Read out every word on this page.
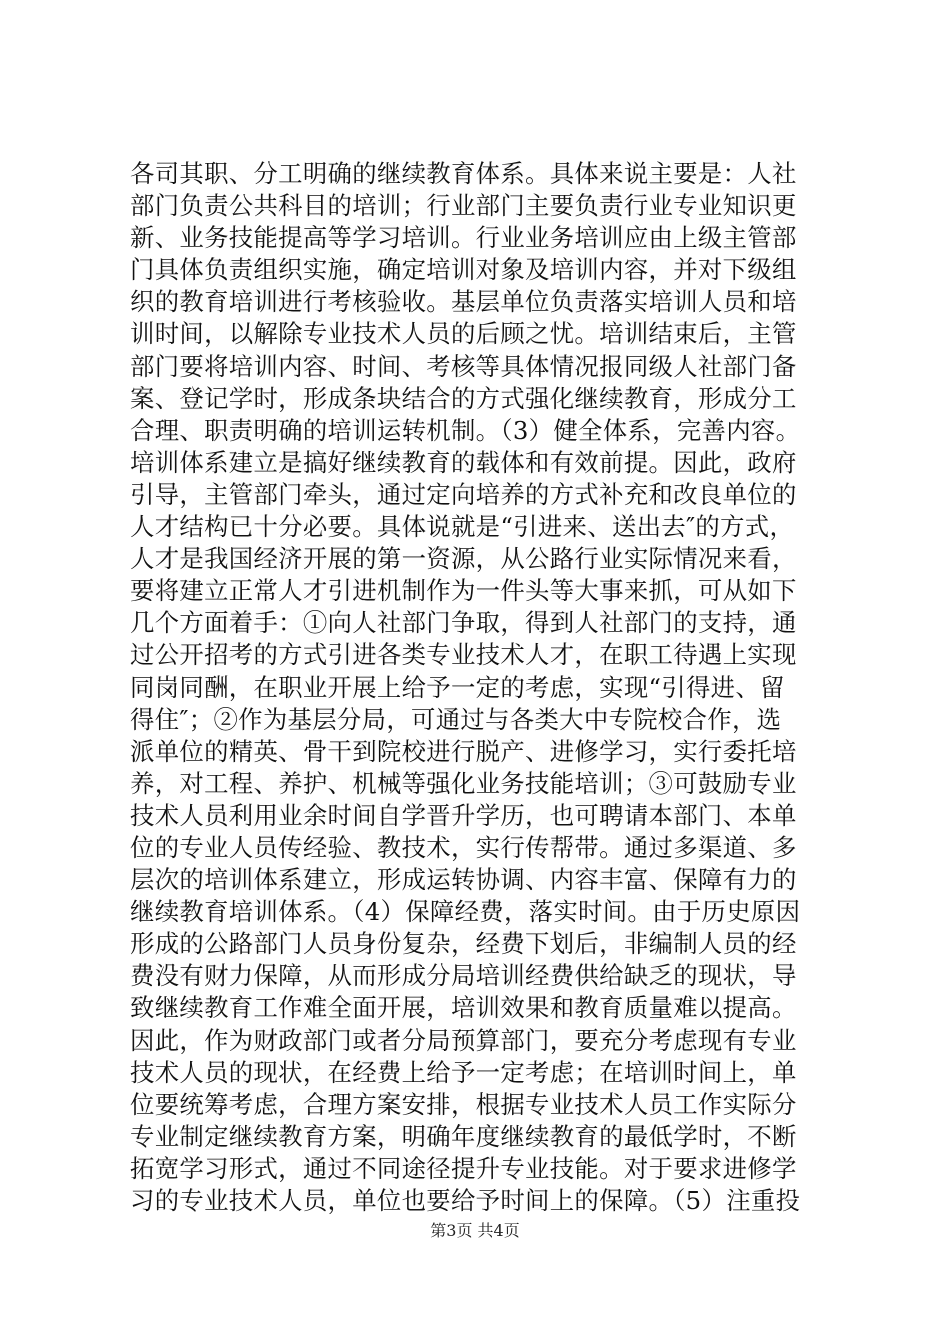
各司其职、分工明确的继续教育体系。具体来说主要是：人社
部门负责公共科目的培训；行业部门主要负责行业专业知识更
新、业务技能提高等学习培训。行业业务培训应由上级主管部
门具体负责组织实施，确定培训对象及培训内容，并对下级组
织的教育培训进行考核验收。基层单位负责落实培训人员和培
训时间，以解除专业技术人员的后顾之忧。培训结束后，主管
部门要将培训内容、时间、考核等具体情况报同级人社部门备
案、登记学时，形成条块结合的方式强化继续教育，形成分工
合理、职责明确的培训运转机制。（3）健全体系，完善内容。
培训体系建立是搞好继续教育的载体和有效前提。因此，政府
引导，主管部门牵头，通过定向培养的方式补充和改良单位的
人才结构已十分必要。具体说就是“引进来、送出去″的方式，
人才是我国经济开展的第一资源，从公路行业实际情况来看，
要将建立正常人才引进机制作为一件头等大事来抓，可从如下
几个方面着手：①向人社部门争取，得到人社部门的支持，通
过公开招考的方式引进各类专业技术人才，在职工待遇上实现
同岗同酬，在职业开展上给予一定的考虑，实现“引得进、留
得住″；②作为基层分局，可通过与各类大中专院校合作，选
派单位的精英、骨干到院校进行脱产、进修学习，实行委托培
养，对工程、养护、机械等强化业务技能培训；③可鼓励专业
技术人员利用业余时间自学晋升学历，也可聘请本部门、本单
位的专业人员传经验、教技术，实行传帮带。通过多渠道、多
层次的培训体系建立，形成运转协调、内容丰富、保障有力的
继续教育培训体系。（4）保障经费，落实时间。由于历史原因
形成的公路部门人员身份复杂，经费下划后，非编制人员的经
费没有财力保障，从而形成分局培训经费供给缺乏的现状，导
致继续教育工作难全面开展，培训效果和教育质量难以提高。
因此，作为财政部门或者分局预算部门，要充分考虑现有专业
技术人员的现状，在经费上给予一定考虑；在培训时间上，单
位要统筹考虑，合理方案安排，根据专业技术人员工作实际分
专业制定继续教育方案，明确年度继续教育的最低学时，不断
拓宽学习形式，通过不同途径提升专业技能。对于要求进修学
习的专业技术人员，单位也要给予时间上的保障。（5）注重投
第3页 共4页
